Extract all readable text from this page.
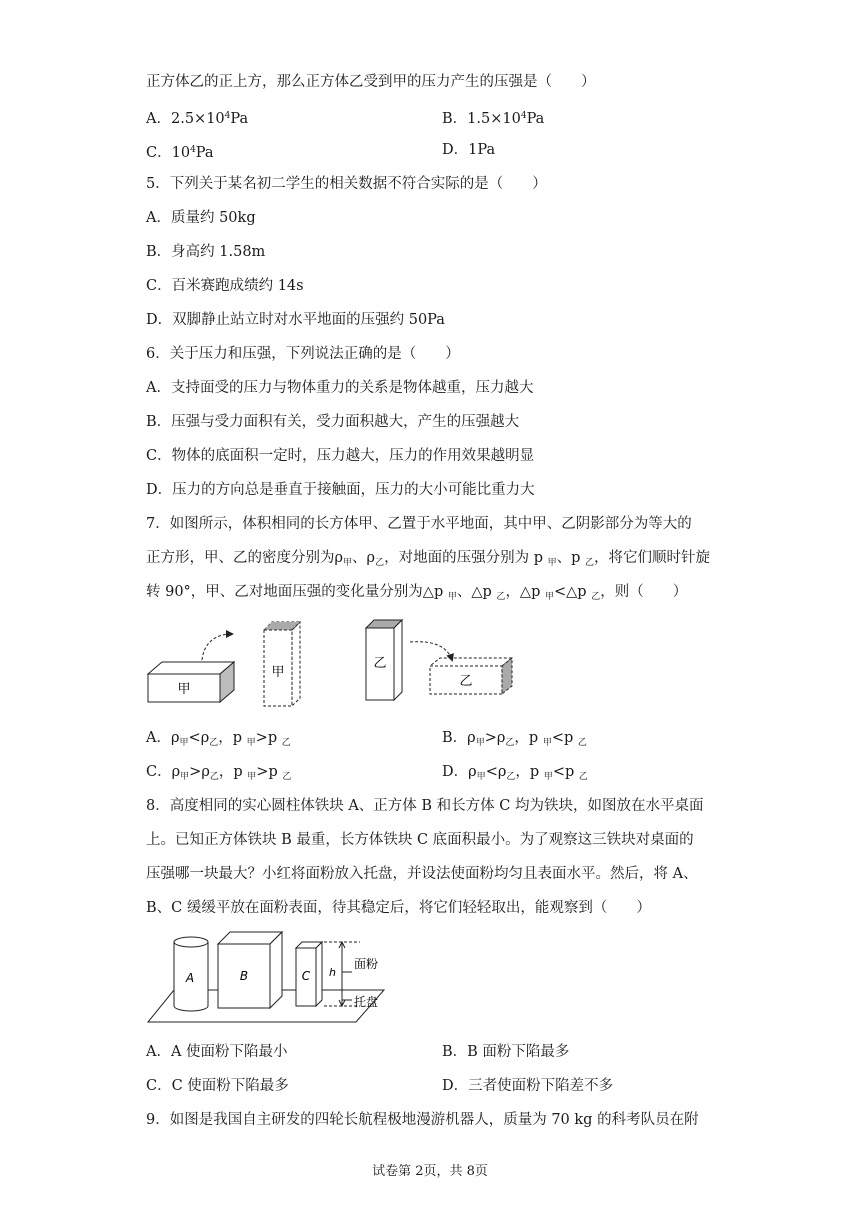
正方体乙的正上方，那么正方体乙受到甲的压力产生的压强是（　　）
A．$2.5\times 10^4Pa$	B．$1.5\times 10^4Pa$
C．$10^4Pa$	D．1Pa
5．下列关于某名初二学生的相关数据不符合实际的是（　　）
A．质量约 50kg
B．身高约 1.58m
C．百米赛跑成绩约 14s
D．双脚静止站立时对水平地面的压强约 50Pa
6．关于压力和压强，下列说法正确的是（　　）
A．支持面受的压力与物体重力的关系是物体越重，压力越大
B．压强与受力面积有关，受力面积越大，产生的压强越大
C．物体的底面积一定时，压力越大，压力的作用效果越明显
D．压力的方向总是垂直于接触面，压力的大小可能比重力大
7．如图所示，体积相同的长方体甲、乙置于水平地面，其中甲、乙阴影部分为等大的
正方形，甲、乙的密度分别为$\rho_甲$、$\rho_乙$，对地面的压强分别为 p $_甲$、p $_乙$，将它们顺时针旋
转 90°，甲、乙对地面压强的变化量分别为△p $_甲$、△p $_乙$，△p $_甲$<△p $_乙$，则（　　）
甲
甲
乙
乙
A．$\rho_甲<\rho_乙$，p $_甲$>p $_乙$	B．$\rho_甲>\rho_乙$，p $_甲$<p $_乙$
C．$\rho_甲>\rho_乙$，p $_甲$>p $_乙$	D．$\rho_甲<\rho_乙$，p $_甲$<p $_乙$
8．高度相同的实心圆柱体铁块 A、正方体 B 和长方体 C 均为铁块，如图放在水平桌面
上。已知正方体铁块 B 最重，长方体铁块 C 底面积最小。为了观察这三铁块对桌面的
压强哪一块最大？小红将面粉放入托盘，并设法使面粉均匀且表面水平。然后，将 A、
B、C 缓缓平放在面粉表面，待其稳定后，将它们轻轻取出，能观察到（　　）
A	B	C h
面粉
托盘
A．A 使面粉下陷最小	B．B 面粉下陷最多
C．C 使面粉下陷最多	D．三者使面粉下陷差不多
9．如图是我国自主研发的四轮长航程极地漫游机器人，质量为 70 kg 的科考队员在附
试卷第 2页，共 8页
